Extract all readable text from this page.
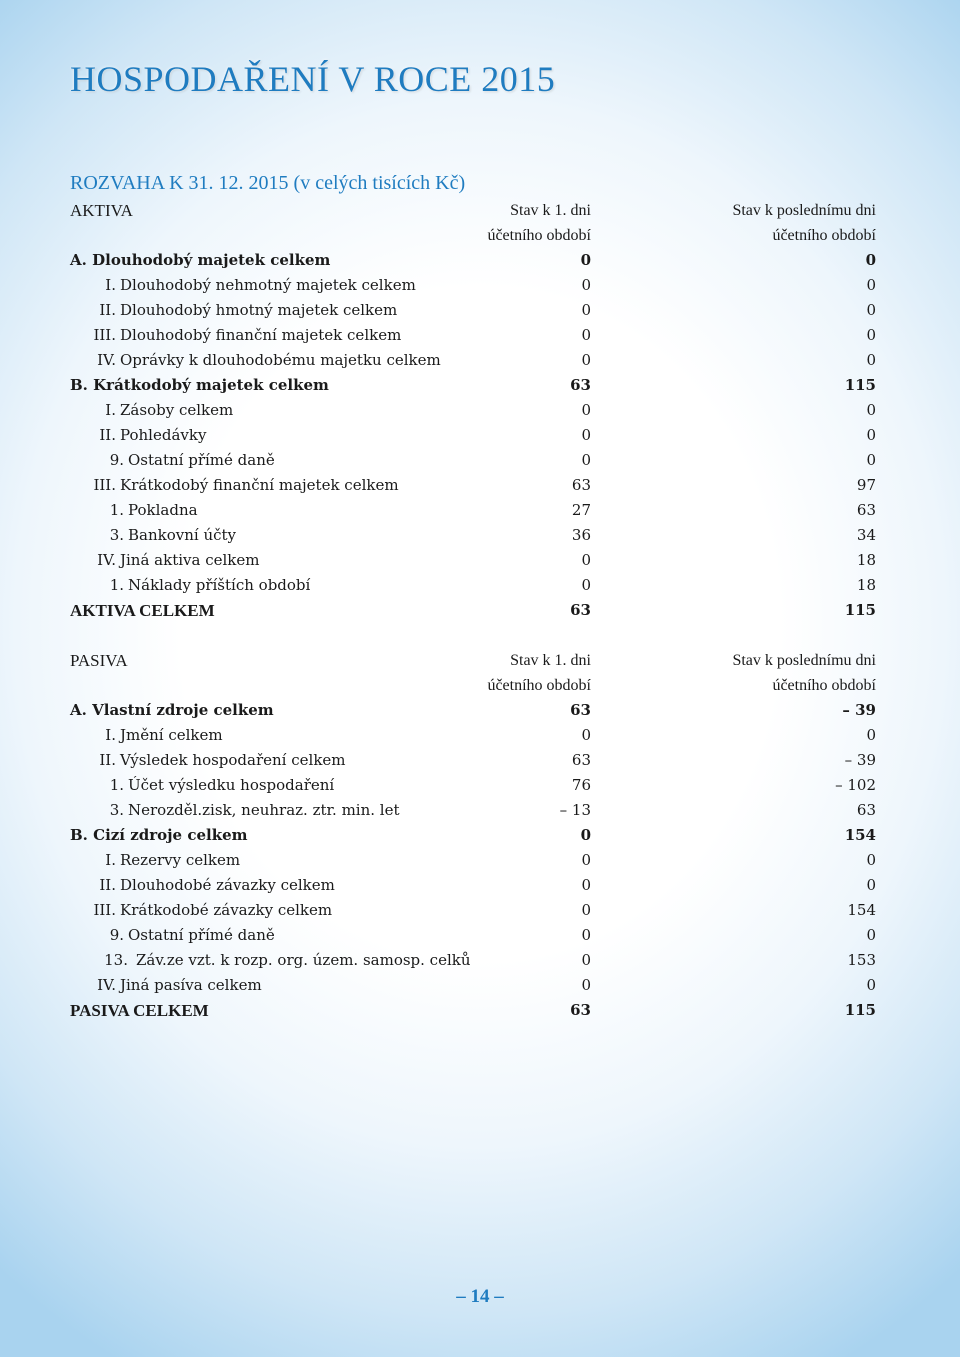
HOSPODAŘENÍ V ROCE 2015
ROZVAHA K 31. 12. 2015 (v celých tisících Kč)
AKTIVA	Stav k 1. dni	Stav k poslednímu dni
účetního období	účetního období
A. Dlouhodobý majetek celkem	0	0
I. Dlouhodobý nehmotný majetek celkem	0	0
II. Dlouhodobý hmotný majetek celkem	0	0
III. Dlouhodobý finanční majetek celkem	0	0
IV. Oprávky k dlouhodobému majetku celkem	0	0
B. Krátkodobý majetek celkem	63	115
I. Zásoby celkem	0	0
II. Pohledávky	0	0
9. Ostatní přímé daně	0	0
III. Krátkodobý finanční majetek celkem	63	97
1. Pokladna	27	63
3. Bankovní účty	36	34
IV. Jiná aktiva celkem	0	18
1. Náklady příštích období	0	18
AKTIVA CELKEM	63	115
PASIVA	Stav k 1. dni	Stav k poslednímu dni
účetního období	účetního období
A. Vlastní zdroje celkem	63	– 39
I. Jmění celkem	0	0
II. Výsledek hospodaření celkem	63	– 39
1. Účet výsledku hospodaření	76	– 102
3. Nerozděl.zisk, neuhraz. ztr. min. let	– 13	63
B. Cizí zdroje celkem	0	154
I. Rezervy celkem	0	0
II. Dlouhodobé závazky celkem	0	0
III. Krátkodobé závazky celkem	0	154
9. Ostatní přímé daně	0	0
13. Záv.ze vzt. k rozp. org. územ. samosp. celků	0	153
IV. Jiná pasíva celkem	0	0
PASIVA CELKEM	63	115
– 14 –
